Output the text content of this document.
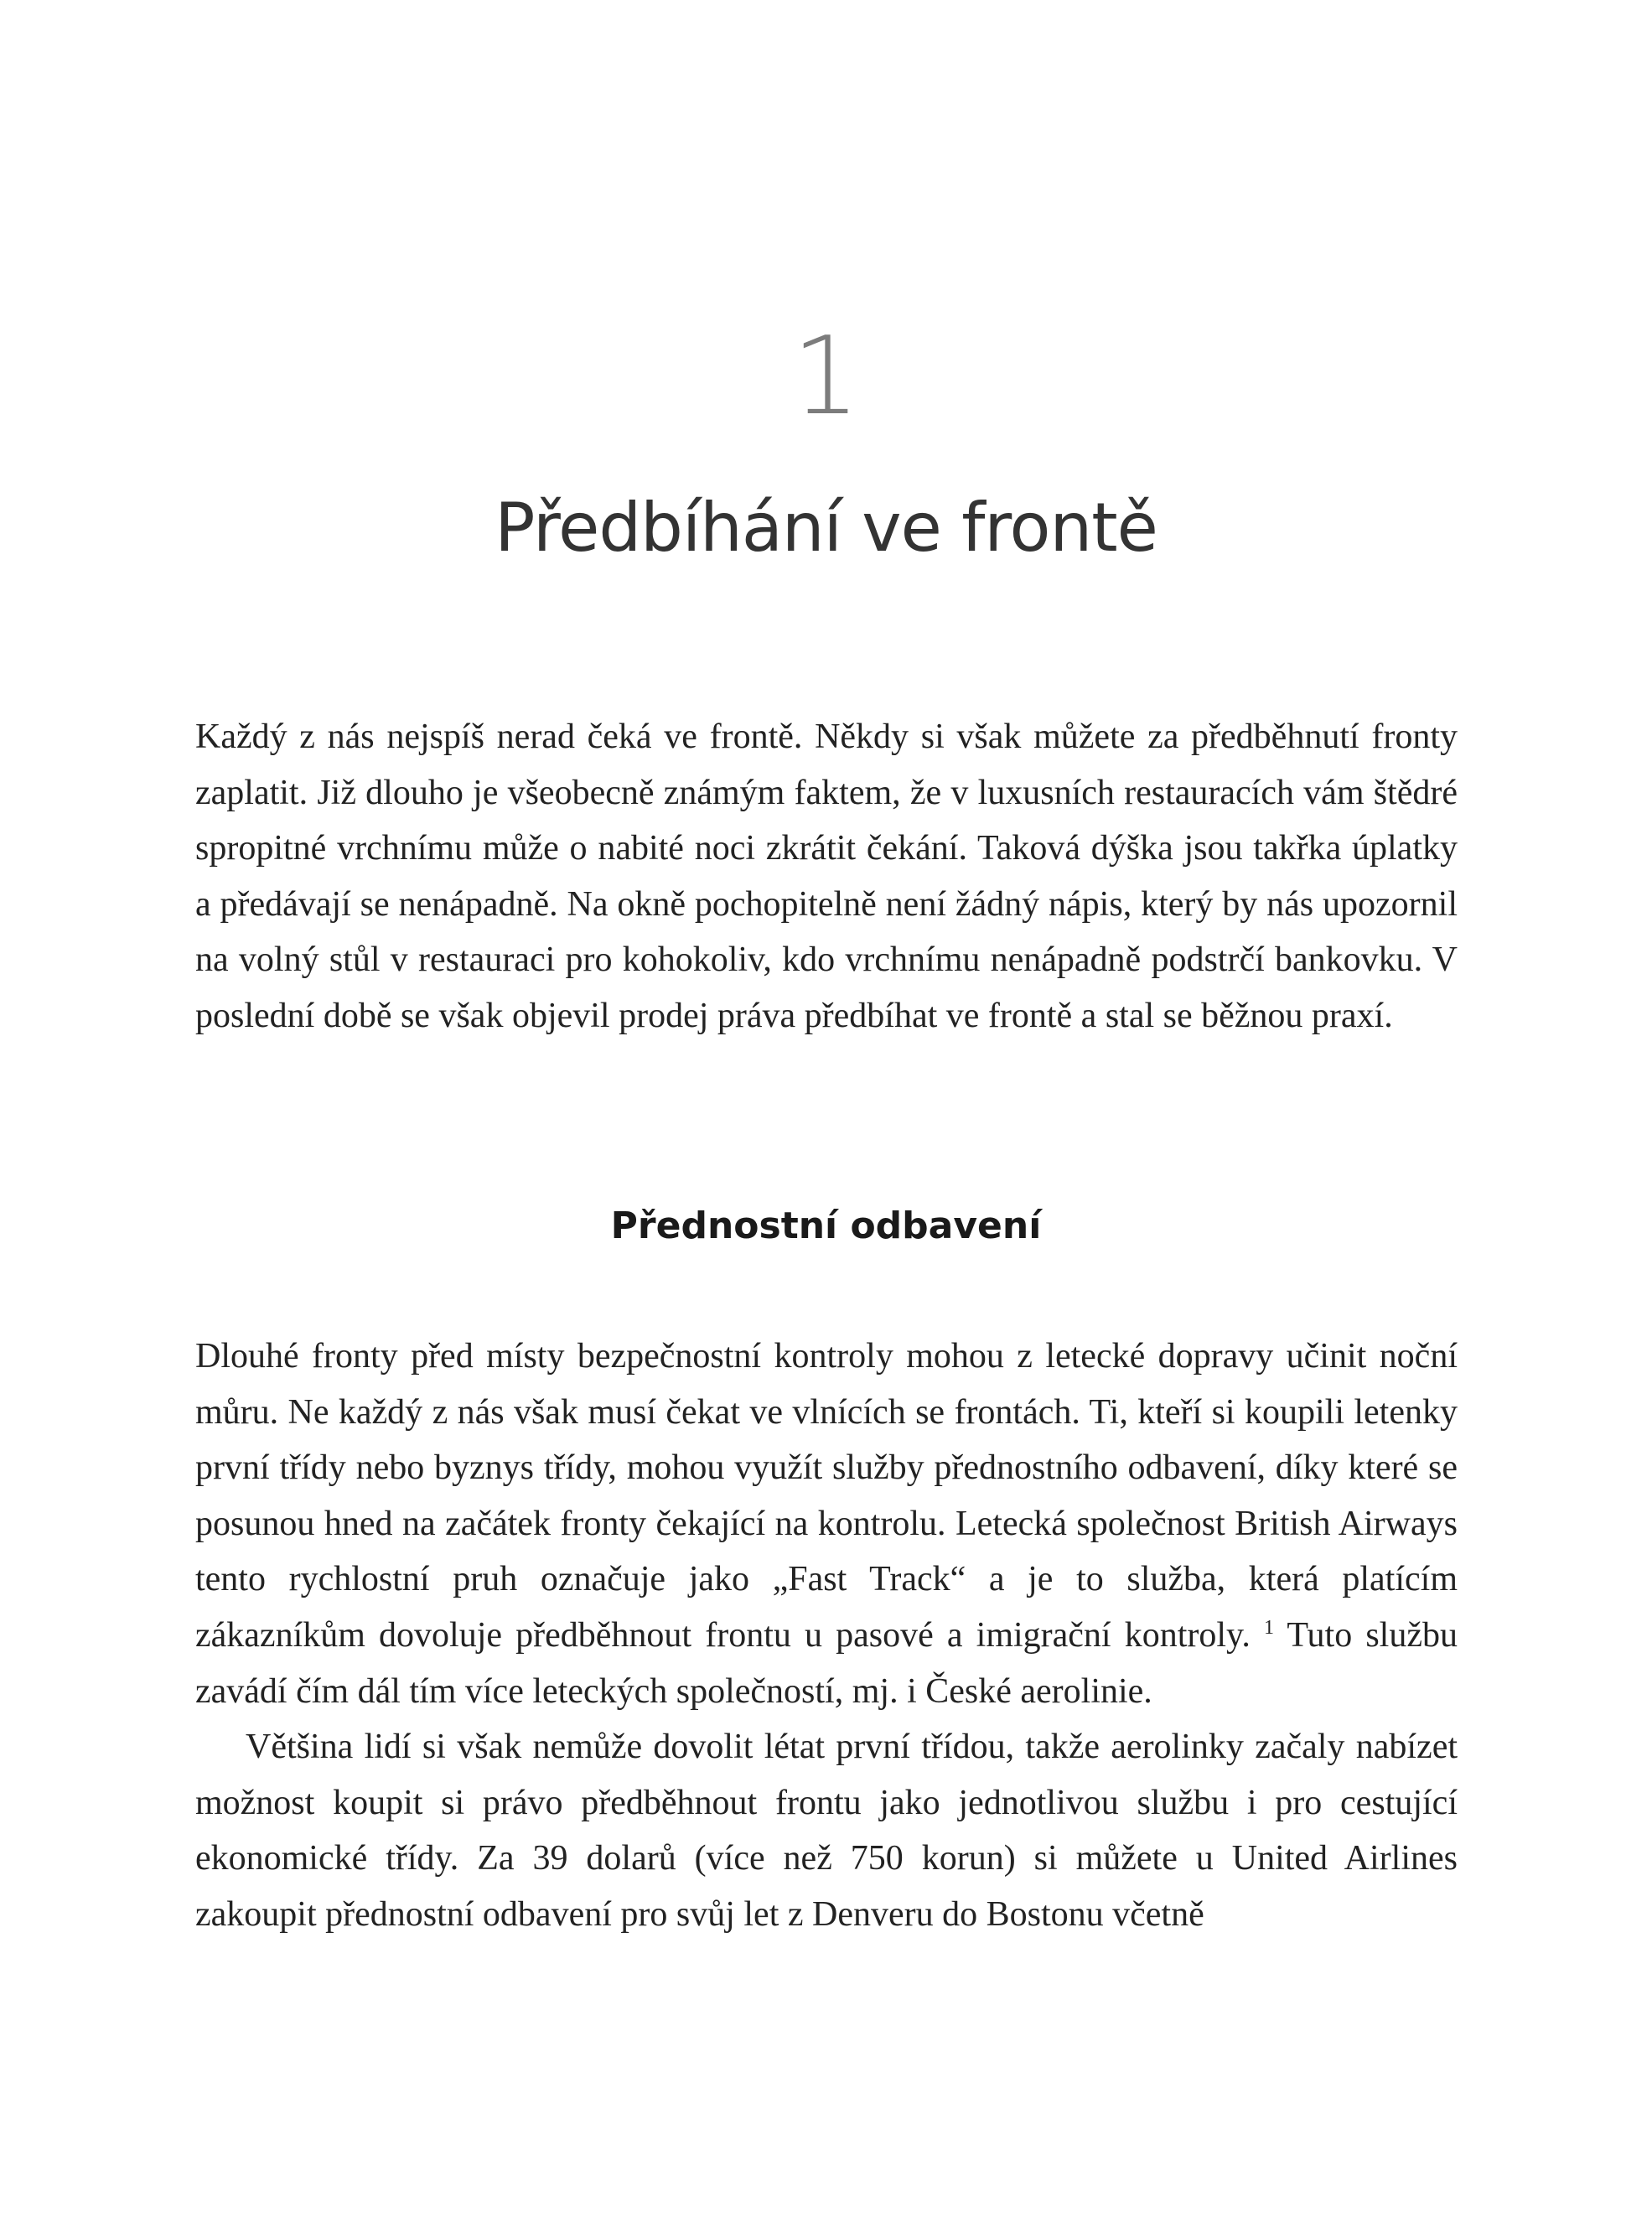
1
Předbíhání ve frontě

Každý z nás nejspíš nerad čeká ve frontě. Někdy si však můžete za předběhnutí fronty zaplatit. Již dlouho je všeobecně známým faktem, že v luxusních restauracích vám štědré spropitné vrchnímu může o nabité noci zkrátit čekání. Taková dýška jsou takřka úplatky a předávají se nenápadně. Na okně pochopitelně není žádný nápis, který by nás upozornil na volný stůl v restauraci pro kohokoliv, kdo vrchnímu nenápadně podstrčí bankovku. V poslední době se však objevil prodej práva předbíhat ve frontě a stal se běžnou praxí.

Přednostní odbavení

Dlouhé fronty před místy bezpečnostní kontroly mohou z letecké dopravy učinit noční můru. Ne každý z nás však musí čekat ve vlnících se frontách. Ti, kteří si koupili letenky první třídy nebo byznys třídy, mohou využít služby přednostního odbavení, díky které se posunou hned na začátek fronty čekající na kontrolu. Letecká společnost British Airways tento rychlostní pruh označuje jako „Fast Track“ a je to služba, která platícím zákazníkům dovoluje předběhnout frontu u pasové a imigrační kontroly. $^1$ Tuto službu zavádí čím dál tím více leteckých společností, mj. i České aerolinie.

Většina lidí si však nemůže dovolit létat první třídou, takže aerolinky začaly nabízet možnost koupit si právo předběhnout frontu jako jednotlivou službu i pro cestující ekonomické třídy. Za 39 dolarů (více než 750 korun) si můžete u United Airlines zakoupit přednostní odbavení pro svůj let z Denveru do Bostonu včetně
